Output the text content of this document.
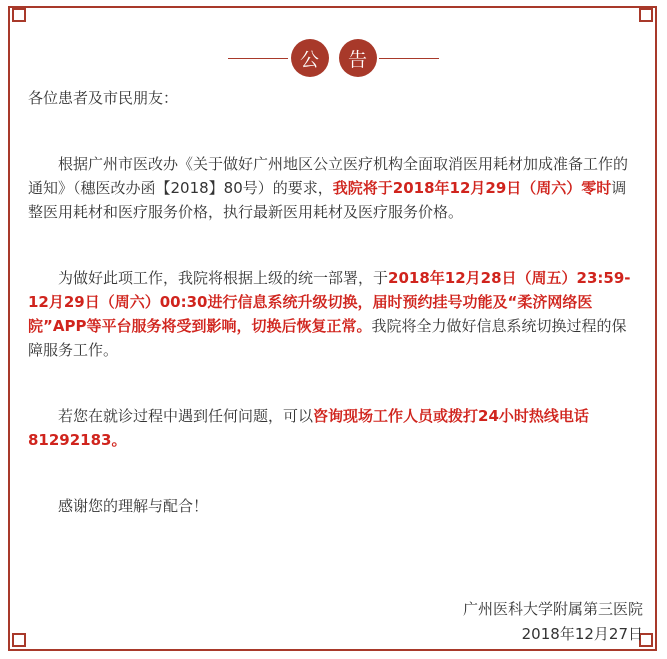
公	告

各位患者及市民朋友：

根据广州市医改办《关于做好广州地区公立医疗机构全面取消医用耗材加成准备工作的通知》（穗医改办函【2018】80号）的要求，我院将于2018年12月29日（周六）零时调整医用耗材和医疗服务价格，执行最新医用耗材及医疗服务价格。

为做好此项工作，我院将根据上级的统一部署，于2018年12月28日（周五）23:59-12月29日（周六）00:30进行信息系统升级切换，届时预约挂号功能及“柔济网络医院”APP等平台服务将受到影响，切换后恢复正常。我院将全力做好信息系统切换过程的保障服务工作。

若您在就诊过程中遇到任何问题，可以咨询现场工作人员或拨打24小时热线电话81292183。

感谢您的理解与配合！

广州医科大学附属第三医院
2018年12月27日
